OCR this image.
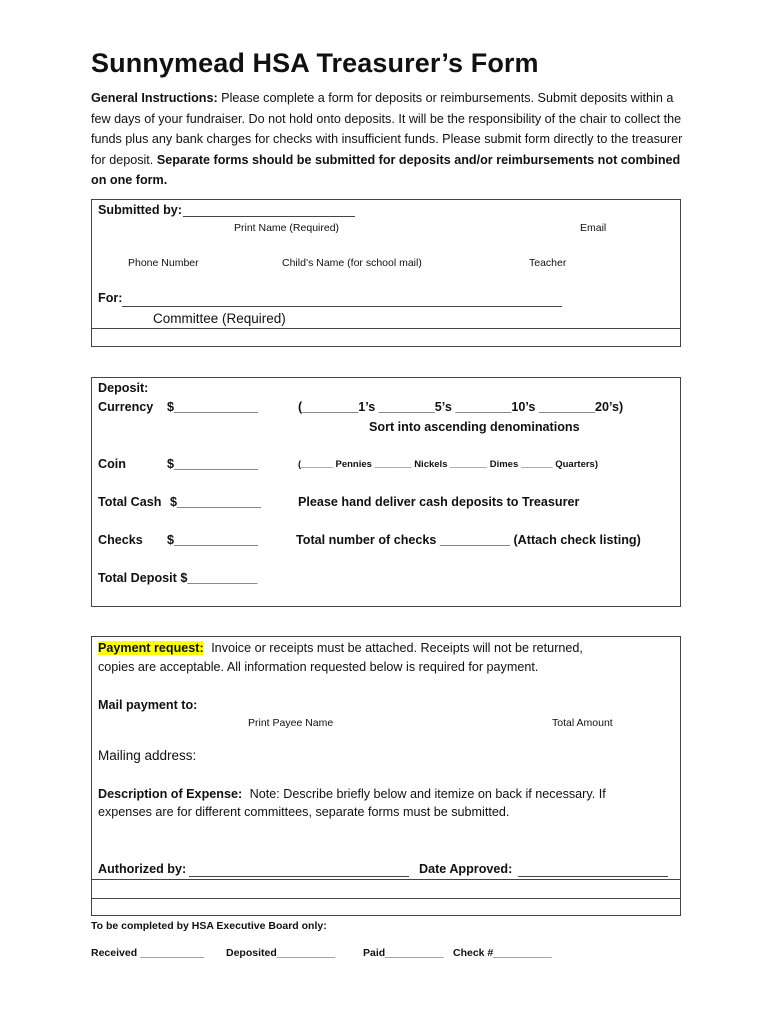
Sunnymead HSA Treasurer’s Form
General Instructions: Please complete a form for deposits or reimbursements. Submit deposits within a few days of your fundraiser. Do not hold onto deposits. It will be the responsibility of the chair to collect the funds plus any bank charges for checks with insufficient funds. Please submit form directly to the treasurer for deposit. Separate forms should be submitted for deposits and/or reimbursements not combined on one form.
Submitted by:
Print Name (Required)	Email
Phone Number	Child’s Name (for school mail)	Teacher
For:
Committee (Required)
Deposit:
Currency $____________	(________1’s ________5’s ________10’s ________20’s)
Sort into ascending denominations
Coin	$____________	(______ Pennies _______ Nickels _______ Dimes ______ Quarters)
Total Cash $____________	Please hand deliver cash deposits to Treasurer
Checks $____________	Total number of checks __________ (Attach check listing)
Total Deposit $__________
Payment request: Invoice or receipts must be attached. Receipts will not be returned,
copies are acceptable. All information requested below is required for payment.
Mail payment to:
Print Payee Name	Total Amount
Mailing address:
Description of Expense: Note: Describe briefly below and itemize on back if necessary. If
expenses are for different committees, separate forms must be submitted.
Authorized by:	Date Approved:
To be completed by HSA Executive Board only:
Received ___________ Deposited__________	Paid__________ Check #__________
